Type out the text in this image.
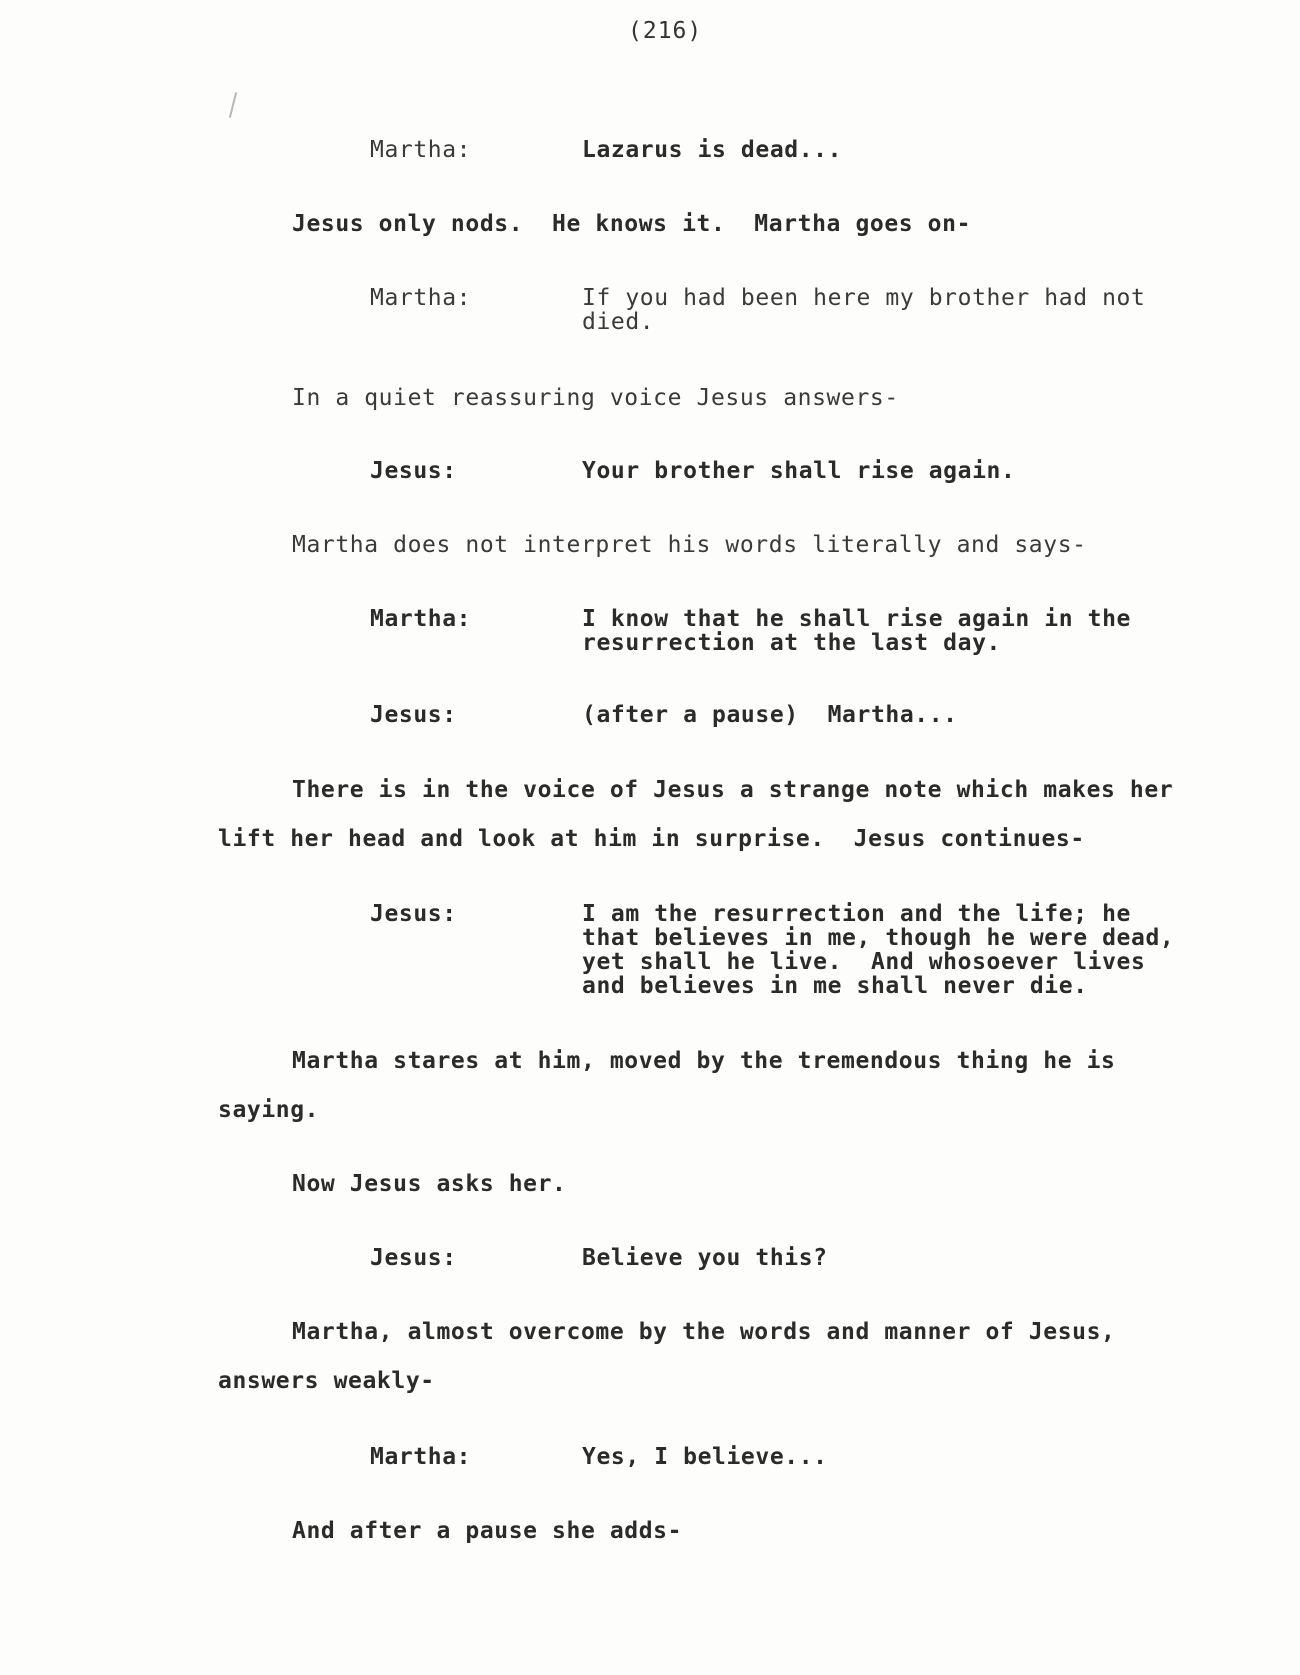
(216)
Martha:	Lazarus is dead...
Jesus only nods.  He knows it.  Martha goes on-
Martha:	If you had been here my brother had not
died.
In a quiet reassuring voice Jesus answers-
Jesus:	Your brother shall rise again.
Martha does not interpret his words literally and says-
Martha:	I know that he shall rise again in the
resurrection at the last day.
Jesus:	(after a pause)  Martha...
There is in the voice of Jesus a strange note which makes her
lift her head and look at him in surprise.  Jesus continues-
Jesus:	I am the resurrection and the life; he
that believes in me, though he were dead,
yet shall he live.  And whosoever lives
and believes in me shall never die.
Martha stares at him, moved by the tremendous thing he is
saying.
Now Jesus asks her.
Jesus:	Believe you this?
Martha, almost overcome by the words and manner of Jesus,
answers weakly-
Martha:	Yes, I believe...
And after a pause she adds-
